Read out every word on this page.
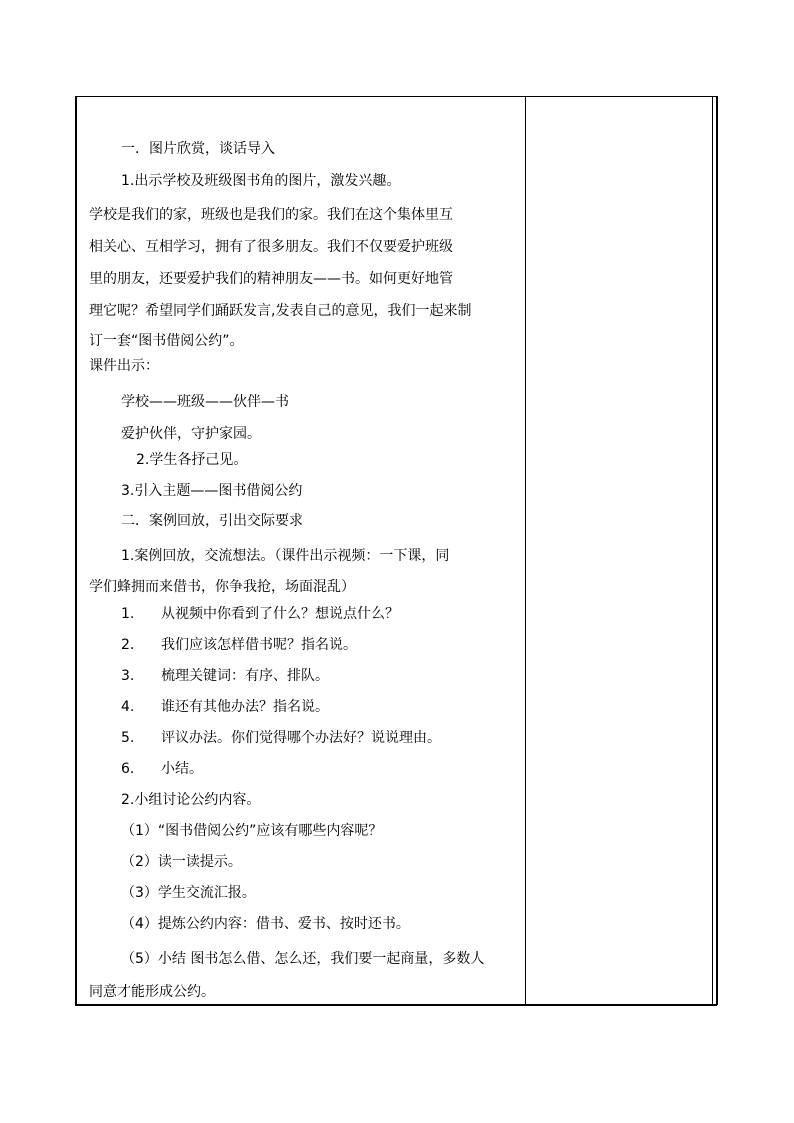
一．图片欣赏，谈话导入
1.出示学校及班级图书角的图片，激发兴趣。
学校是我们的家，班级也是我们的家。我们在这个集体里互
相关心、互相学习，拥有了很多朋友。我们不仅要爱护班级
里的朋友，还要爱护我们的精神朋友——书。如何更好地管
理它呢？希望同学们踊跃发言,发表自己的意见，我们一起来制
订一套“图书借阅公约”。
课件出示：
学校——班级——伙伴—书
爱护伙伴，守护家园。
2.学生各抒己见。
3.引入主题——图书借阅公约
二．案例回放，引出交际要求
1.案例回放，交流想法。（课件出示视频：一下课，同
学们蜂拥而来借书，你争我抢，场面混乱）
1. 从视频中你看到了什么？想说点什么？
2. 我们应该怎样借书呢？指名说。
3. 梳理关键词：有序、排队。
4. 谁还有其他办法？指名说。
5. 评议办法。你们觉得哪个办法好？说说理由。
6. 小结。
2.小组讨论公约内容。
（1）“图书借阅公约”应该有哪些内容呢？
（2）读一读提示。
（3）学生交流汇报。
（4）提炼公约内容：借书、爱书、按时还书。
（5）小结 图书怎么借、怎么还，我们要一起商量，多数人
同意才能形成公约。
